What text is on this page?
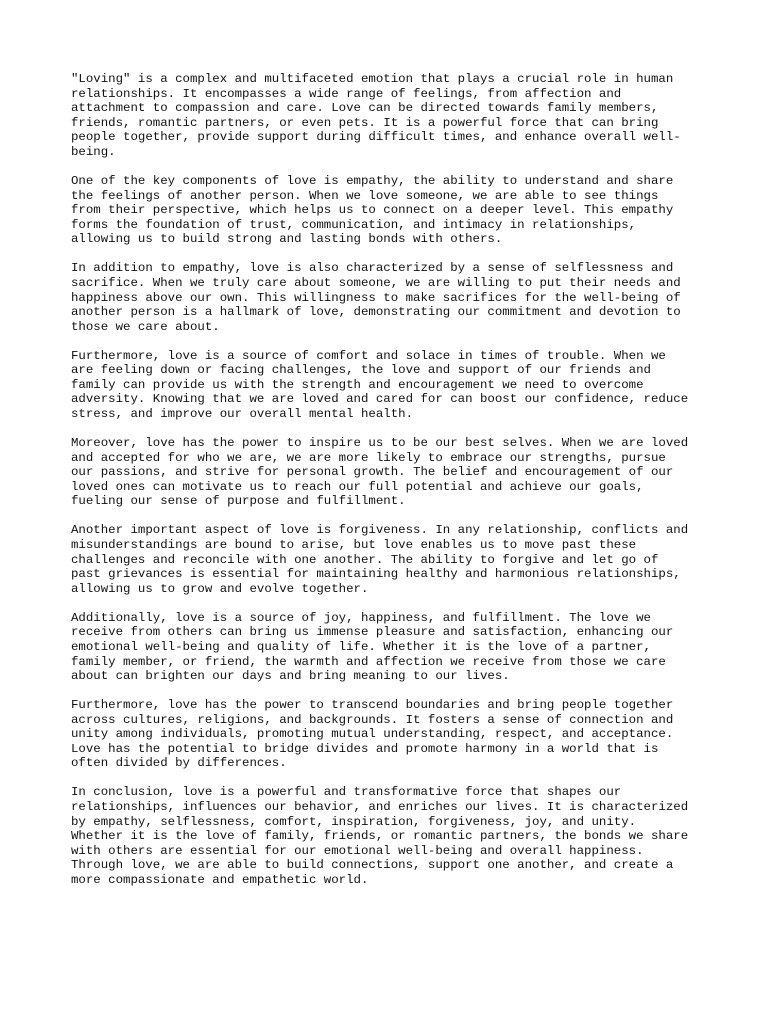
"Loving" is a complex and multifaceted emotion that plays a crucial role in human
relationships. It encompasses a wide range of feelings, from affection and
attachment to compassion and care. Love can be directed towards family members,
friends, romantic partners, or even pets. It is a powerful force that can bring
people together, provide support during difficult times, and enhance overall well-
being.

One of the key components of love is empathy, the ability to understand and share
the feelings of another person. When we love someone, we are able to see things
from their perspective, which helps us to connect on a deeper level. This empathy
forms the foundation of trust, communication, and intimacy in relationships,
allowing us to build strong and lasting bonds with others.

In addition to empathy, love is also characterized by a sense of selflessness and
sacrifice. When we truly care about someone, we are willing to put their needs and
happiness above our own. This willingness to make sacrifices for the well-being of
another person is a hallmark of love, demonstrating our commitment and devotion to
those we care about.

Furthermore, love is a source of comfort and solace in times of trouble. When we
are feeling down or facing challenges, the love and support of our friends and
family can provide us with the strength and encouragement we need to overcome
adversity. Knowing that we are loved and cared for can boost our confidence, reduce
stress, and improve our overall mental health.

Moreover, love has the power to inspire us to be our best selves. When we are loved
and accepted for who we are, we are more likely to embrace our strengths, pursue
our passions, and strive for personal growth. The belief and encouragement of our
loved ones can motivate us to reach our full potential and achieve our goals,
fueling our sense of purpose and fulfillment.

Another important aspect of love is forgiveness. In any relationship, conflicts and
misunderstandings are bound to arise, but love enables us to move past these
challenges and reconcile with one another. The ability to forgive and let go of
past grievances is essential for maintaining healthy and harmonious relationships,
allowing us to grow and evolve together.

Additionally, love is a source of joy, happiness, and fulfillment. The love we
receive from others can bring us immense pleasure and satisfaction, enhancing our
emotional well-being and quality of life. Whether it is the love of a partner,
family member, or friend, the warmth and affection we receive from those we care
about can brighten our days and bring meaning to our lives.

Furthermore, love has the power to transcend boundaries and bring people together
across cultures, religions, and backgrounds. It fosters a sense of connection and
unity among individuals, promoting mutual understanding, respect, and acceptance.
Love has the potential to bridge divides and promote harmony in a world that is
often divided by differences.

In conclusion, love is a powerful and transformative force that shapes our
relationships, influences our behavior, and enriches our lives. It is characterized
by empathy, selflessness, comfort, inspiration, forgiveness, joy, and unity.
Whether it is the love of family, friends, or romantic partners, the bonds we share
with others are essential for our emotional well-being and overall happiness.
Through love, we are able to build connections, support one another, and create a
more compassionate and empathetic world.
